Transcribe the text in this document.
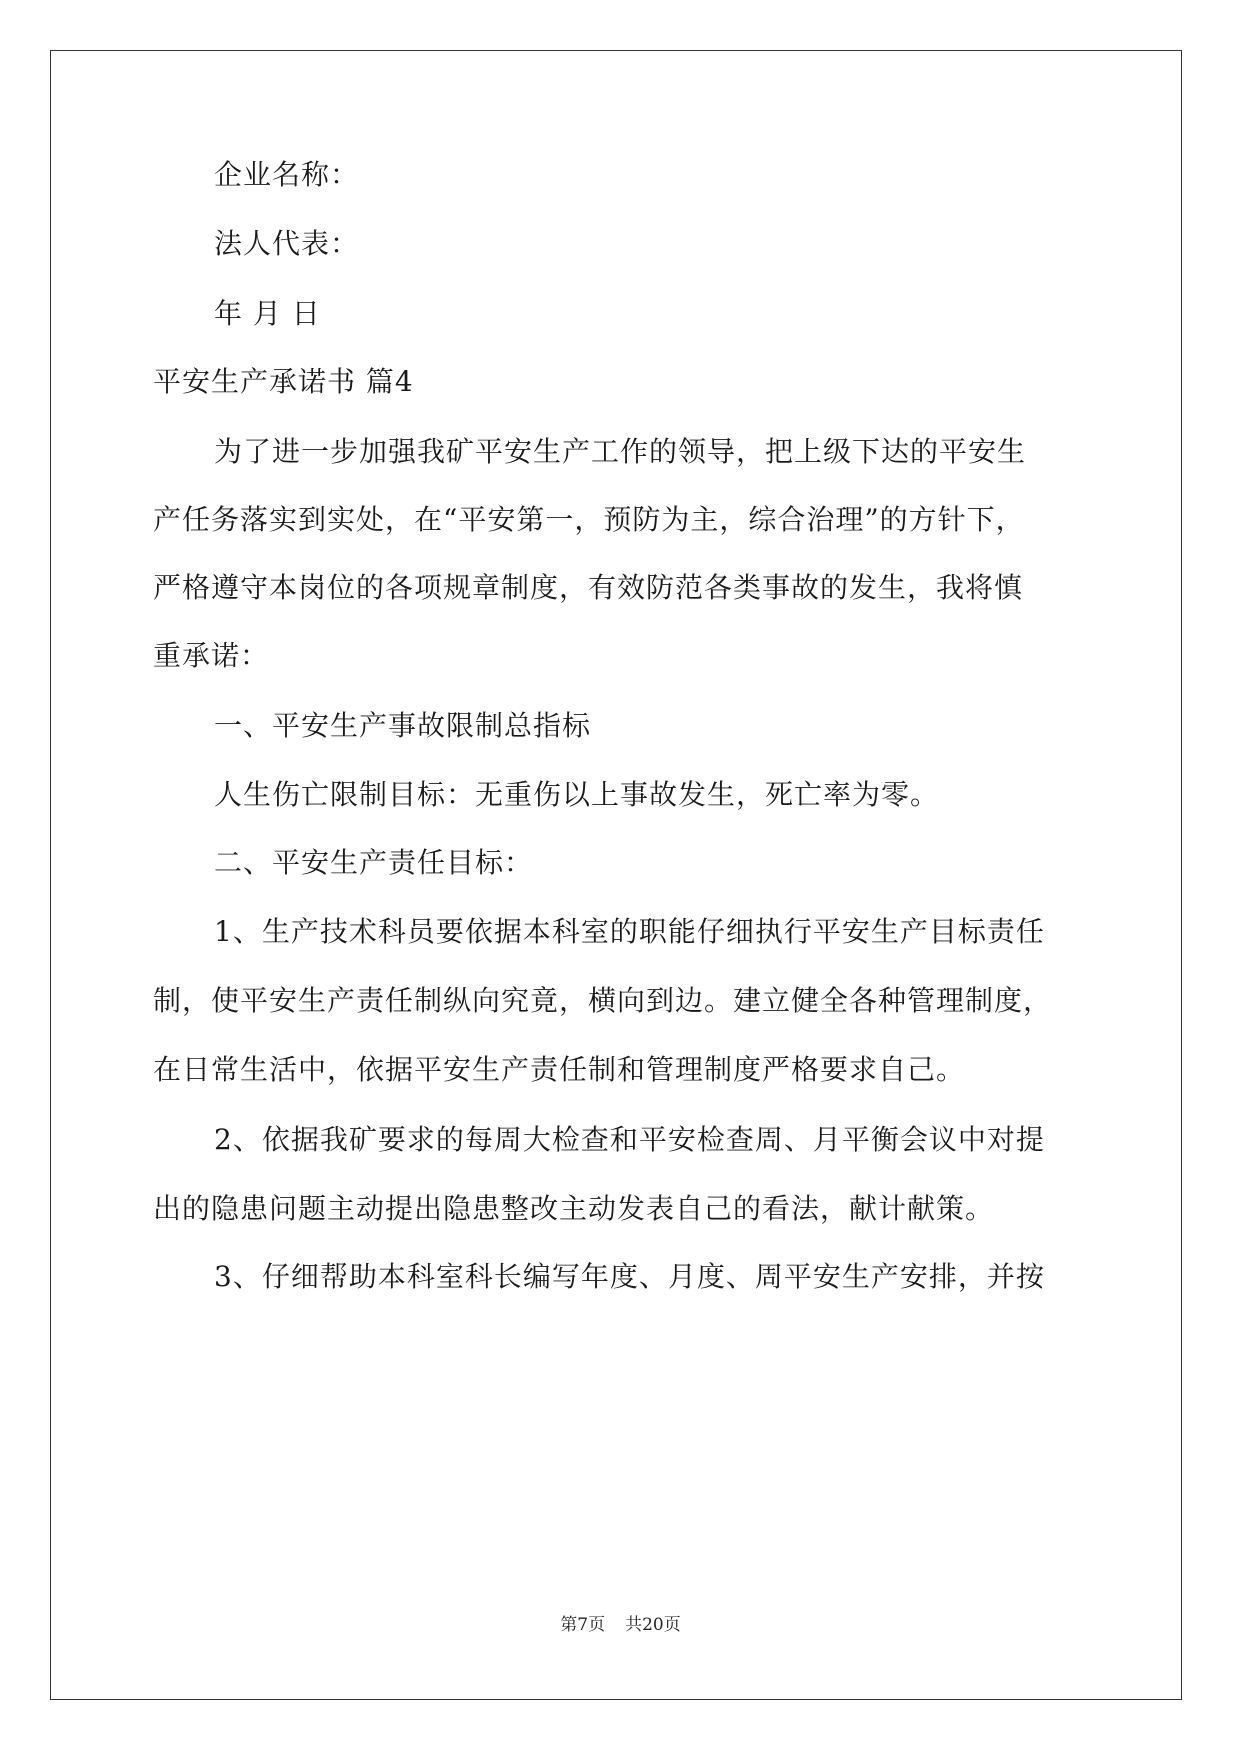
企业名称：
法人代表：
年 月 日
平安生产承诺书 篇4
为了进一步加强我矿平安生产工作的领导，把上级下达的平安生
产任务落实到实处，在“平安第一，预防为主，综合治理”的方针下，
严格遵守本岗位的各项规章制度，有效防范各类事故的发生，我将慎
重承诺：
一、平安生产事故限制总指标
人生伤亡限制目标：无重伤以上事故发生，死亡率为零。
二、平安生产责任目标：
1、生产技术科员要依据本科室的职能仔细执行平安生产目标责任
制，使平安生产责任制纵向究竟，横向到边。建立健全各种管理制度，
在日常生活中，依据平安生产责任制和管理制度严格要求自己。
2、依据我矿要求的每周大检查和平安检查周、月平衡会议中对提
出的隐患问题主动提出隐患整改主动发表自己的看法，献计献策。
3、仔细帮助本科室科长编写年度、月度、周平安生产安排，并按
第7页 共20页
